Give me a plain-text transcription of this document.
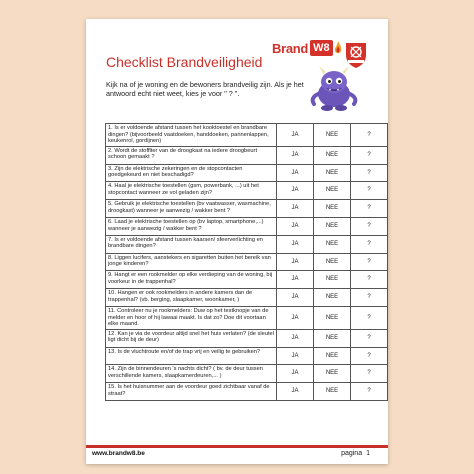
Brand W8
Checklist Brandveiligheid
Kijk na of je woning en de bewoners brandveilig zijn. Als je het antwoord echt niet weet, kies je voor " ? ".
1. Is er voldoende afstand tussen het kooktoestel en brandbare dingen? (bijvoorbeeld vaatdoeken, handdoeken, pannenlappen, keukenrol, gordijnen)	JA	NEE	?
2. Wordt de stofflter van de droogkast na iedere droogbeurt schoon gemaakt ?	JA	NEE	?
3. Zijn de elektrische zekeringen en de stopcontacten goedgekeurd en niet beschadigd?	JA	NEE	?
4. Haal je elektrische toestellen (gsm, powerbank, ...) uit het stopcontact wanneer ze vol geladen zijn?	JA	NEE	?
5. Gebruik je elektrische toestellen (bv vaatwasser, wasmachine, droogkast) wanneer je aanwezig / wakker bent ?	JA	NEE	?
6. Laad je elektrische toestellen op (bv laptop, smartphone,...) wanneer je aanwezig / wakker bent ?	JA	NEE	?
7. Is er voldoende afstand tussen kaarsen/ sfeerverlichting en brandbare dingen?	JA	NEE	?
8. Liggen lucifers, aanstekers en sigaretten buiten het bereik van jonge kinderen?	JA	NEE	?
9. Hangt er een rookmelder op elke verdieping van de woning, bij voorkeur in de trappenhal?	JA	NEE	?
10. Hangen er ook rookmelders in andere kamers dan de trappenhal? (vb. berging, slaapkamer, woonkamer, )	JA	NEE	?
11. Controleer nu je rookmelders: Duw op het testknopje van de melder en hoor of hij lawaai maakt. Is dat zo? Doe dit voortaan elke maand.	JA	NEE	?
12. Kan je via de voordeur altijd snel het huis verlaten? (de sleutel ligt dicht bij de deur)	JA	NEE	?
13. Is de vluchtroute en/of de trap vrij en veilig te gebruiken?	JA	NEE	?
14. Zijn de binnendeuren 's nachts dicht? ( bv. de deur tussen verschillende kamers, slaapkamerdeuren,... )	JA	NEE	?
15. Is het huisnummer aan de voordeur goed zichtbaar vanaf de straat?	JA	NEE	?
www.brandw8.be	pagina 1
